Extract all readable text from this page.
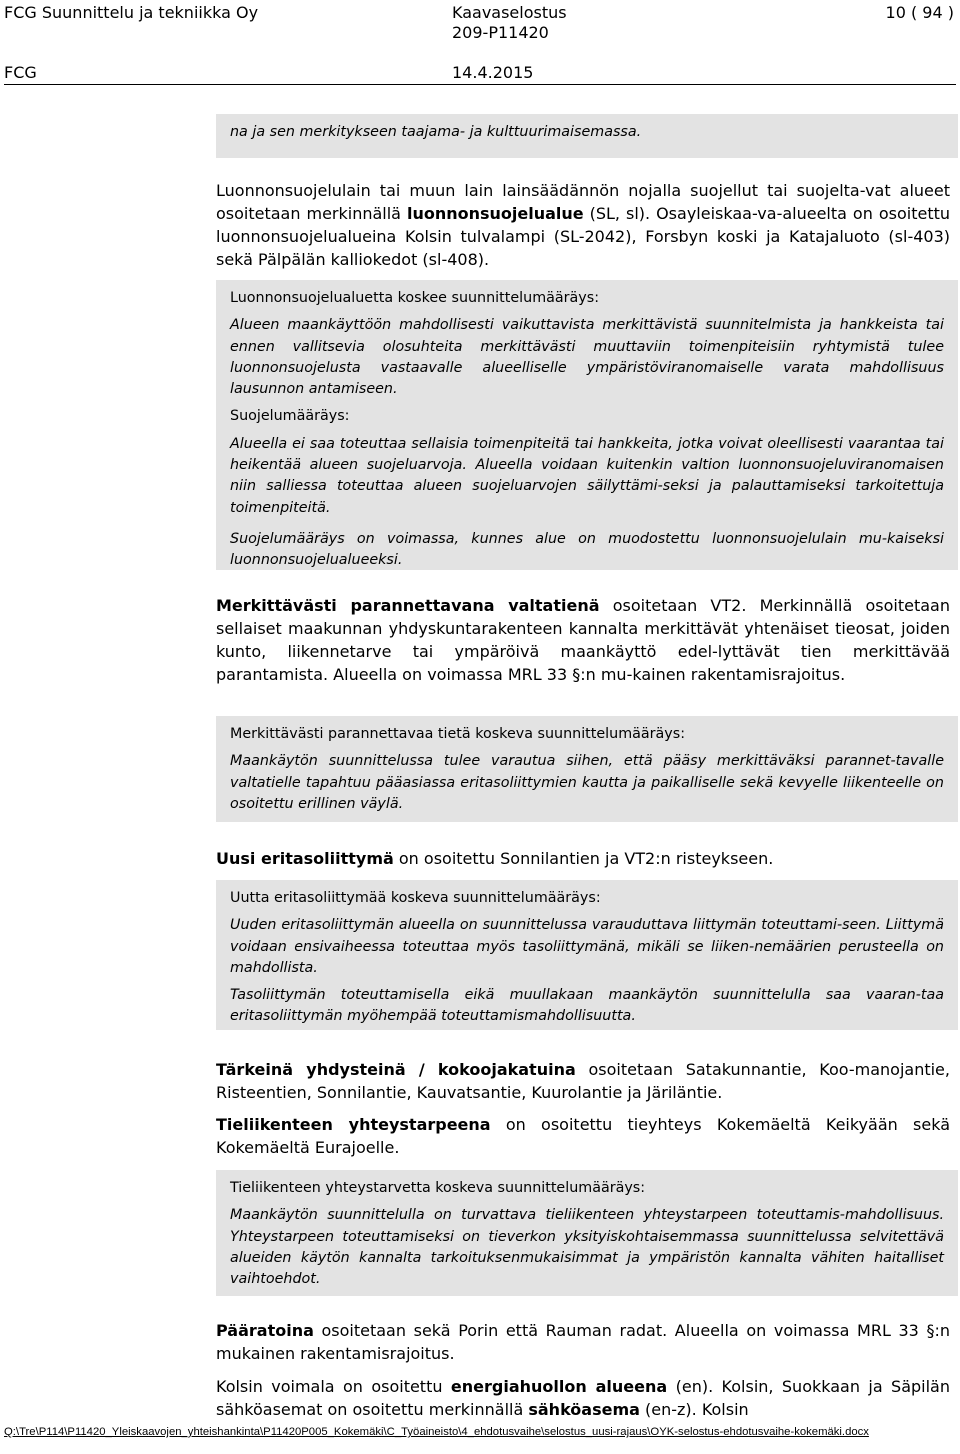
FCG Suunnittelu ja tekniikka Oy	Kaavaselostus	10 ( 94 )
209-P11420
FCG	14.4.2015

na ja sen merkitykseen taajama- ja kulttuurimaisemassa.

Luonnonsuojelulain tai muun lain lainsäädännön nojalla suojellut tai suojelta-vat alueet osoitetaan merkinnällä luonnonsuojelualue (SL, sl). Osayleiskaa-va-alueelta on osoitettu luonnonsuojelualueina Kolsin tulvalampi (SL-2042), Forsbyn koski ja Katajaluoto (sl-403) sekä Pälpälän kalliokedot (sl-408).

Luonnonsuojelualuetta koskee suunnittelumääräys:

Alueen maankäyttöön mahdollisesti vaikuttavista merkittävistä suunnitelmista ja hankkeista tai ennen vallitsevia olosuhteita merkittävästi muuttaviin toimenpiteisiin ryhtymistä tulee luonnonsuojelusta vastaavalle alueelliselle ympäristöviranomaiselle varata mahdollisuus lausunnon antamiseen.

Suojelumääräys:

Alueella ei saa toteuttaa sellaisia toimenpiteitä tai hankkeita, jotka voivat oleellisesti vaarantaa tai heikentää alueen suojeluarvoja. Alueella voidaan kuitenkin valtion luonnonsuojeluviranomaisen niin salliessa toteuttaa alueen suojeluarvojen säilyttämi-seksi ja palauttamiseksi tarkoitettuja toimenpiteitä.

Suojelumääräys on voimassa, kunnes alue on muodostettu luonnonsuojelulain mu-kaiseksi luonnonsuojelualueeksi.

Merkittävästi parannettavana valtatienä osoitetaan VT2. Merkinnällä osoitetaan sellaiset maakunnan yhdyskuntarakenteen kannalta merkittävät yhtenäiset tieosat, joiden kunto, liikennetarve tai ympäröivä maankäyttö edel-lyttävät tien merkittävää parantamista. Alueella on voimassa MRL 33 §:n mu-kainen rakentamisrajoitus.

Merkittävästi parannettavaa tietä koskeva suunnittelumääräys:

Maankäytön suunnittelussa tulee varautua siihen, että pääsy merkittäväksi parannet-tavalle valtatielle tapahtuu pääasiassa eritasoliittymien kautta ja paikalliselle sekä kevyelle liikenteelle on osoitettu erillinen väylä.

Uusi eritasoliittymä on osoitettu Sonnilantien ja VT2:n risteykseen.

Uutta eritasoliittymää koskeva suunnittelumääräys:

Uuden eritasoliittymän alueella on suunnittelussa varauduttava liittymän toteuttami-seen. Liittymä voidaan ensivaiheessa toteuttaa myös tasoliittymänä, mikäli se liiken-nemäärien perusteella on mahdollista.

Tasoliittymän toteuttamisella eikä muullakaan maankäytön suunnittelulla saa vaaran-taa eritasoliittymän myöhempää toteuttamismahdollisuutta.

Tärkeinä yhdysteinä / kokoojakatuina osoitetaan Satakunnantie, Koo-manojantie, Risteentien, Sonnilantie, Kauvatsantie, Kuurolantie ja Järiläntie.

Tieliikenteen yhteystarpeena on osoitettu tieyhteys Kokemäeltä Keikyään sekä Kokemäeltä Eurajoelle.

Tieliikenteen yhteystarvetta koskeva suunnittelumääräys:

Maankäytön suunnittelulla on turvattava tieliikenteen yhteystarpeen toteuttamis-mahdollisuus. Yhteystarpeen toteuttamiseksi on tieverkon yksityiskohtaisemmassa suunnittelussa selvitettävä alueiden käytön kannalta tarkoituksenmukaisimmat ja ympäristön kannalta vähiten haitalliset vaihtoehdot.

Pääratoina osoitetaan sekä Porin että Rauman radat. Alueella on voimassa MRL 33 §:n mukainen rakentamisrajoitus.

Kolsin voimala on osoitettu energiahuollon alueena (en). Kolsin, Suokkaan ja Säpilän sähköasemat on osoitettu merkinnällä sähköasema (en-z). Kolsin

Q:\Tre\P114\P11420_Yleiskaavojen_yhteishankinta\P11420P005_Kokemäki\C_Työaineisto\4_ehdotusvaihe\selostus_uusi-rajaus\OYK-selostus-ehdotusvaihe-kokemäki.docx
